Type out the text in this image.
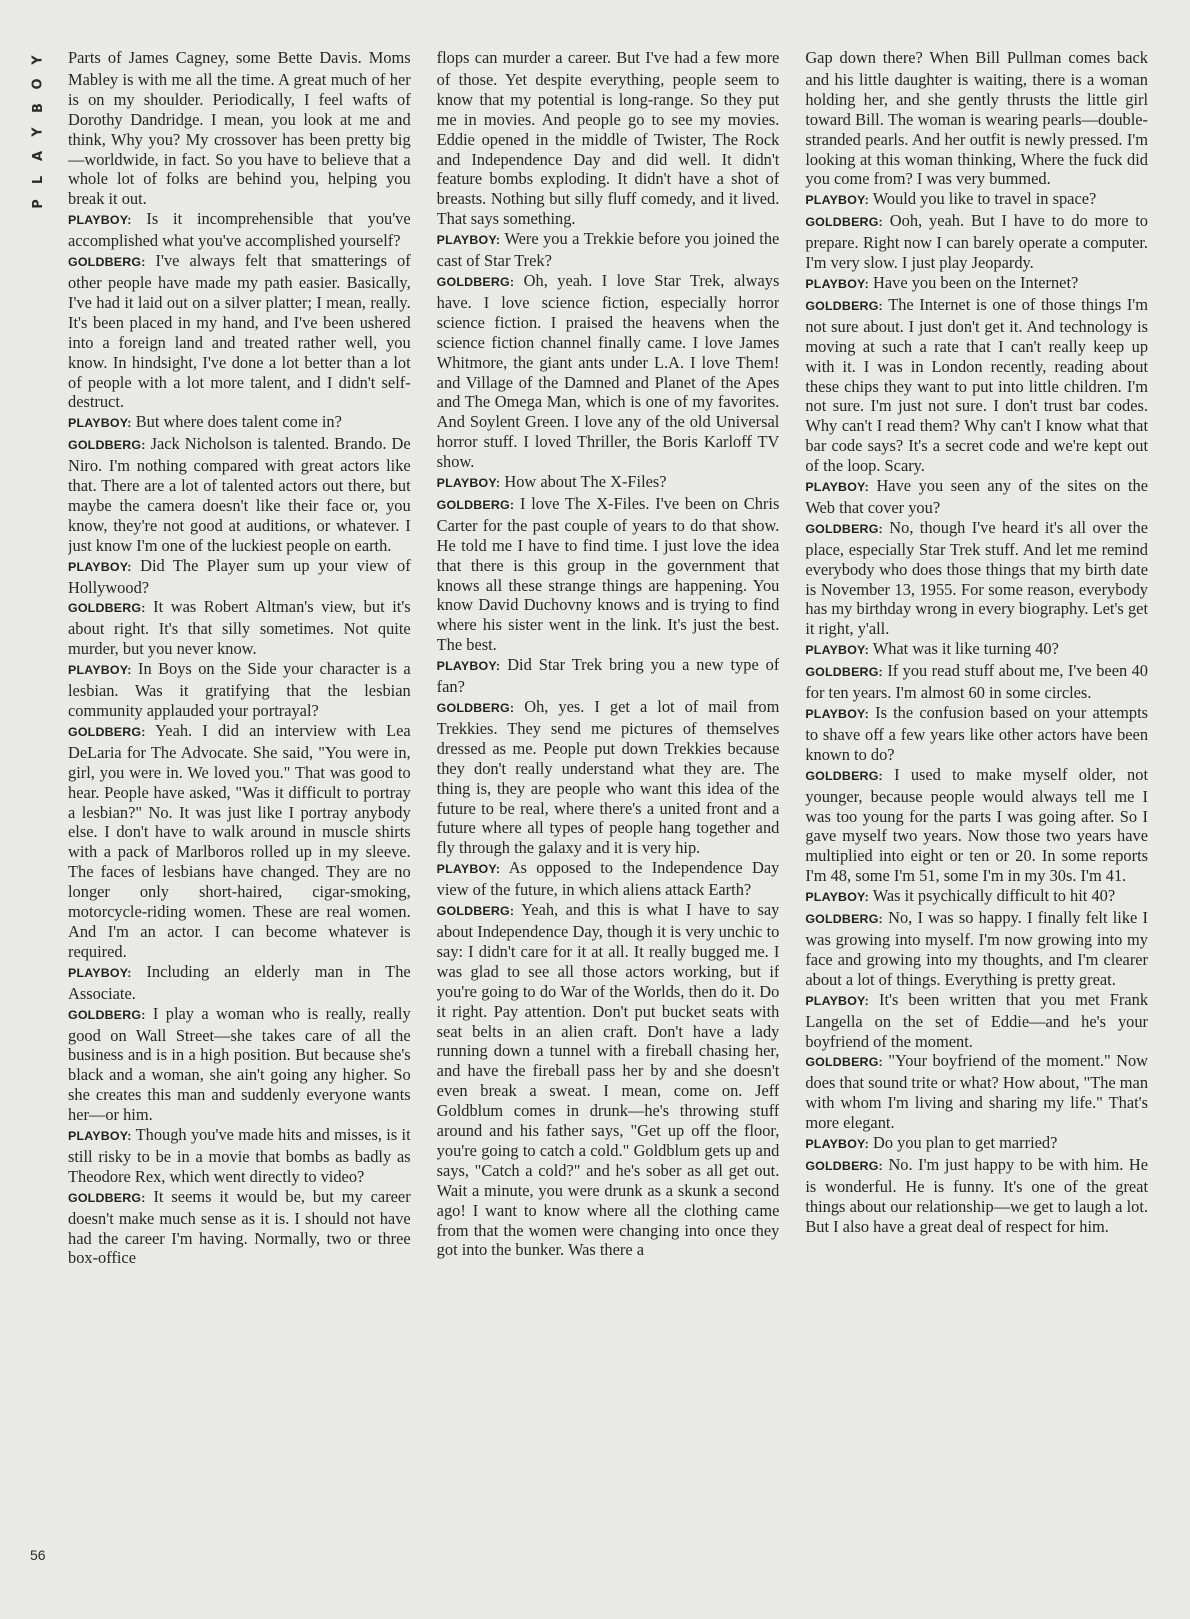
Y
O
B
Y
A
L
P
56

Parts of James Cagney, some Bette Davis. Moms Mabley is with me all the time. A great much of her is on my shoulder. Periodically, I feel wafts of Dorothy Dandridge. I mean, you look at me and think, Why you? My crossover has been pretty big—worldwide, in fact. So you have to believe that a whole lot of folks are behind you, helping you break it out.

PLAYBOY: Is it incomprehensible that you've accomplished what you've accomplished yourself?

GOLDBERG: I've always felt that smatterings of other people have made my path easier. Basically, I've had it laid out on a silver platter; I mean, really. It's been placed in my hand, and I've been ushered into a foreign land and treated rather well, you know. In hindsight, I've done a lot better than a lot of people with a lot more talent, and I didn't self-destruct.

PLAYBOY: But where does talent come in?

GOLDBERG: Jack Nicholson is talented. Brando. De Niro. I'm nothing compared with great actors like that. There are a lot of talented actors out there, but maybe the camera doesn't like their face or, you know, they're not good at auditions, or whatever. I just know I'm one of the luckiest people on earth.

PLAYBOY: Did The Player sum up your view of Hollywood?

GOLDBERG: It was Robert Altman's view, but it's about right. It's that silly sometimes. Not quite murder, but you never know.

PLAYBOY: In Boys on the Side your character is a lesbian. Was it gratifying that the lesbian community applauded your portrayal?

GOLDBERG: Yeah. I did an interview with Lea DeLaria for The Advocate. She said, "You were in, girl, you were in. We loved you." That was good to hear. People have asked, "Was it difficult to portray a lesbian?" No. It was just like I portray anybody else. I don't have to walk around in muscle shirts with a pack of Marlboros rolled up in my sleeve. The faces of lesbians have changed. They are no longer only short-haired, cigar-smoking, motorcycle-riding women. These are real women. And I'm an actor. I can become whatever is required.

PLAYBOY: Including an elderly man in The Associate.

GOLDBERG: I play a woman who is really, really good on Wall Street—she takes care of all the business and is in a high position. But because she's black and a woman, she ain't going any higher. So she creates this man and suddenly everyone wants her—or him.

PLAYBOY: Though you've made hits and misses, is it still risky to be in a movie that bombs as badly as Theodore Rex, which went directly to video?

GOLDBERG: It seems it would be, but my career doesn't make much sense as it is. I should not have had the career I'm having. Normally, two or three box-office

flops can murder a career. But I've had a few more of those. Yet despite everything, people seem to know that my potential is long-range. So they put me in movies. And people go to see my movies. Eddie opened in the middle of Twister, The Rock and Independence Day and did well. It didn't feature bombs exploding. It didn't have a shot of breasts. Nothing but silly fluff comedy, and it lived. That says something.

PLAYBOY: Were you a Trekkie before you joined the cast of Star Trek?

GOLDBERG: Oh, yeah. I love Star Trek, always have. I love science fiction, especially horror science fiction. I praised the heavens when the science fiction channel finally came. I love James Whitmore, the giant ants under L.A. I love Them! and Village of the Damned and Planet of the Apes and The Omega Man, which is one of my favorites. And Soylent Green. I love any of the old Universal horror stuff. I loved Thriller, the Boris Karloff TV show.

PLAYBOY: How about The X-Files?

GOLDBERG: I love The X-Files. I've been on Chris Carter for the past couple of years to do that show. He told me I have to find time. I just love the idea that there is this group in the government that knows all these strange things are happening. You know David Duchovny knows and is trying to find where his sister went in the link. It's just the best. The best.

PLAYBOY: Did Star Trek bring you a new type of fan?

GOLDBERG: Oh, yes. I get a lot of mail from Trekkies. They send me pictures of themselves dressed as me. People put down Trekkies because they don't really understand what they are. The thing is, they are people who want this idea of the future to be real, where there's a united front and a future where all types of people hang together and fly through the galaxy and it is very hip.

PLAYBOY: As opposed to the Independence Day view of the future, in which aliens attack Earth?

GOLDBERG: Yeah, and this is what I have to say about Independence Day, though it is very unchic to say: I didn't care for it at all. It really bugged me. I was glad to see all those actors working, but if you're going to do War of the Worlds, then do it. Do it right. Pay attention. Don't put bucket seats with seat belts in an alien craft. Don't have a lady running down a tunnel with a fireball chasing her, and have the fireball pass her by and she doesn't even break a sweat. I mean, come on. Jeff Goldblum comes in drunk—he's throwing stuff around and his father says, "Get up off the floor, you're going to catch a cold." Goldblum gets up and says, "Catch a cold?" and he's sober as all get out. Wait a minute, you were drunk as a skunk a second ago! I want to know where all the clothing came from that the women were changing into once they got into the bunker. Was there a

Gap down there? When Bill Pullman comes back and his little daughter is waiting, there is a woman holding her, and she gently thrusts the little girl toward Bill. The woman is wearing pearls—double-stranded pearls. And her outfit is newly pressed. I'm looking at this woman thinking, Where the fuck did you come from? I was very bummed.

PLAYBOY: Would you like to travel in space?

GOLDBERG: Ooh, yeah. But I have to do more to prepare. Right now I can barely operate a computer. I'm very slow. I just play Jeopardy.

PLAYBOY: Have you been on the Internet?

GOLDBERG: The Internet is one of those things I'm not sure about. I just don't get it. And technology is moving at such a rate that I can't really keep up with it. I was in London recently, reading about these chips they want to put into little children. I'm not sure. I'm just not sure. I don't trust bar codes. Why can't I read them? Why can't I know what that bar code says? It's a secret code and we're kept out of the loop. Scary.

PLAYBOY: Have you seen any of the sites on the Web that cover you?

GOLDBERG: No, though I've heard it's all over the place, especially Star Trek stuff. And let me remind everybody who does those things that my birth date is November 13, 1955. For some reason, everybody has my birthday wrong in every biography. Let's get it right, y'all.

PLAYBOY: What was it like turning 40?

GOLDBERG: If you read stuff about me, I've been 40 for ten years. I'm almost 60 in some circles.

PLAYBOY: Is the confusion based on your attempts to shave off a few years like other actors have been known to do?

GOLDBERG: I used to make myself older, not younger, because people would always tell me I was too young for the parts I was going after. So I gave myself two years. Now those two years have multiplied into eight or ten or 20. In some reports I'm 48, some I'm 51, some I'm in my 30s. I'm 41.

PLAYBOY: Was it psychically difficult to hit 40?

GOLDBERG: No, I was so happy. I finally felt like I was growing into myself. I'm now growing into my face and growing into my thoughts, and I'm clearer about a lot of things. Everything is pretty great.

PLAYBOY: It's been written that you met Frank Langella on the set of Eddie—and he's your boyfriend of the moment.

GOLDBERG: "Your boyfriend of the moment." Now does that sound trite or what? How about, "The man with whom I'm living and sharing my life." That's more elegant.

PLAYBOY: Do you plan to get married?

GOLDBERG: No. I'm just happy to be with him. He is wonderful. He is funny. It's one of the great things about our relationship—we get to laugh a lot. But I also have a great deal of respect for him.
